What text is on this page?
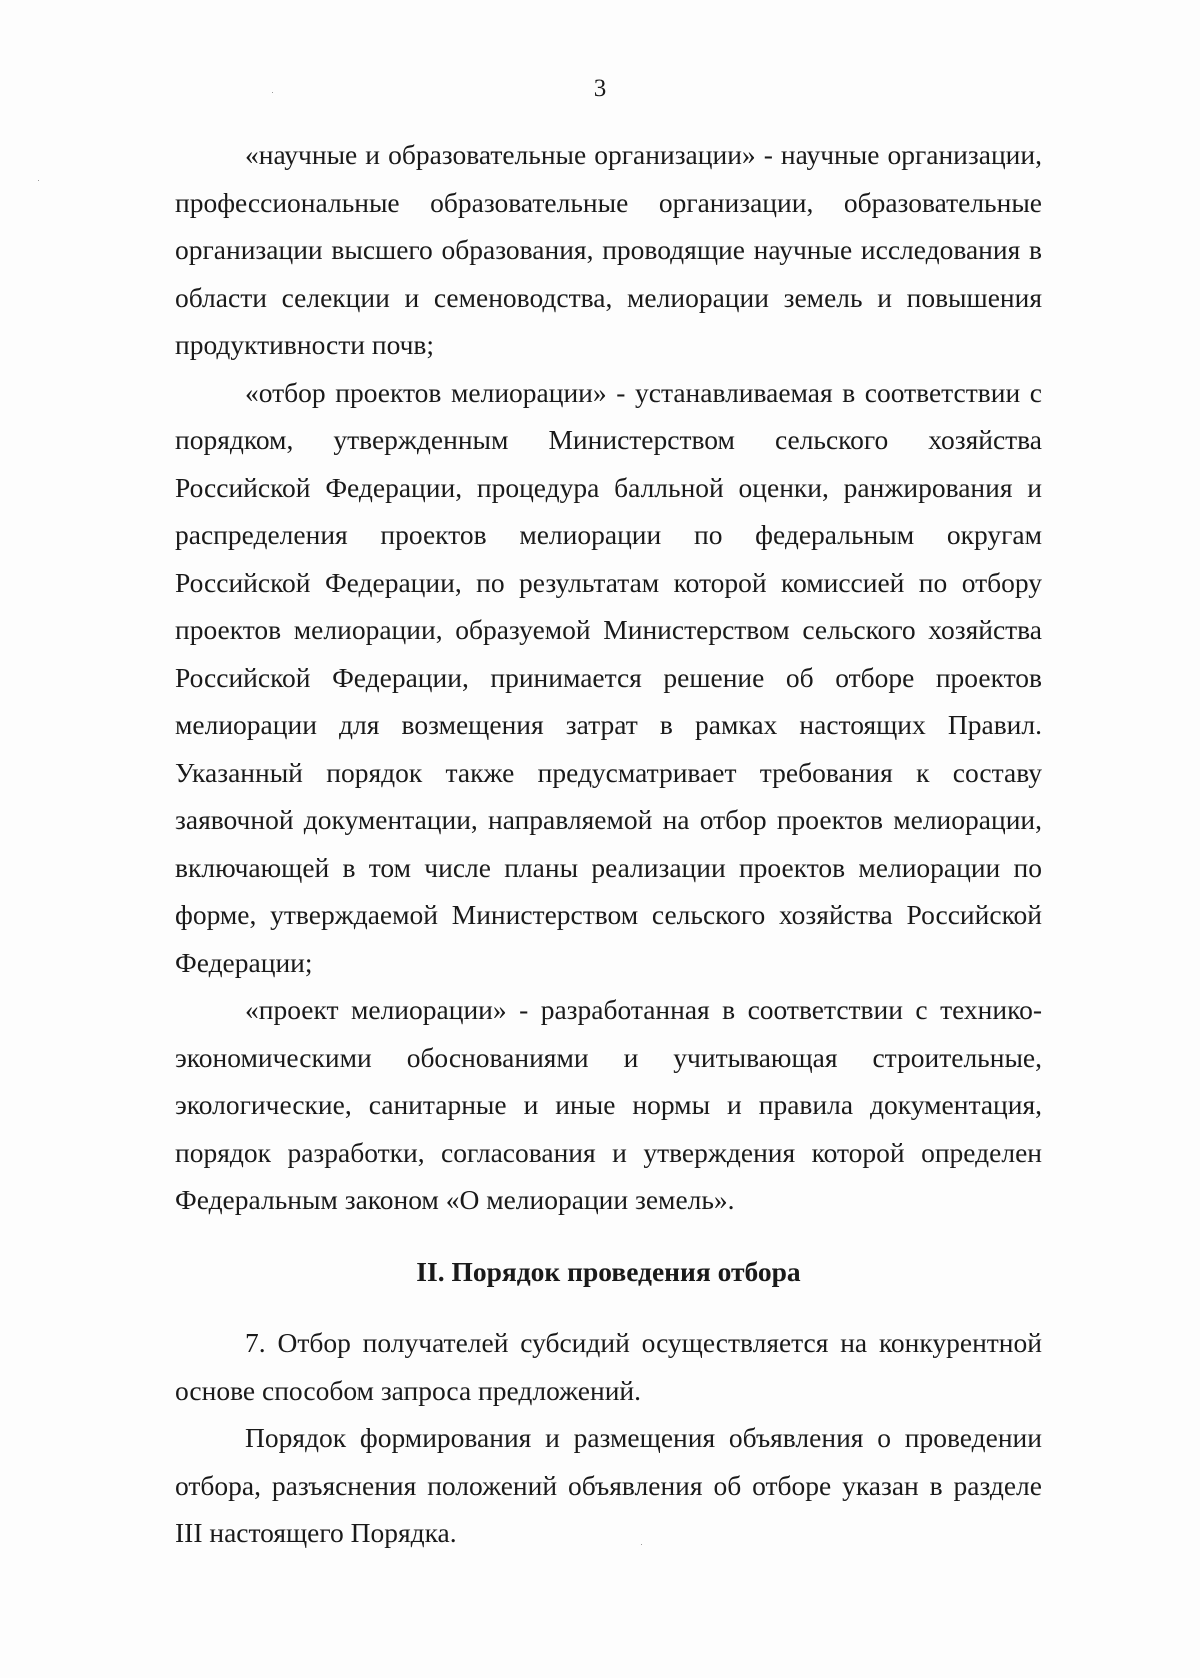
3

«научные и образовательные организации» - научные организации, профессиональные образовательные организации, образовательные организации высшего образования, проводящие научные исследования в области селекции и семеноводства, мелиорации земель и повышения продуктивности почв;

«отбор проектов мелиорации» - устанавливаемая в соответствии с порядком, утвержденным Министерством сельского хозяйства Российской Федерации, процедура балльной оценки, ранжирования и распределения проектов мелиорации по федеральным округам Российской Федерации, по результатам которой комиссией по отбору проектов мелиорации, образуемой Министерством сельского хозяйства Российской Федерации, принимается решение об отборе проектов мелиорации для возмещения затрат в рамках настоящих Правил. Указанный порядок также предусматривает требования к составу заявочной документации, направляемой на отбор проектов мелиорации, включающей в том числе планы реализации проектов мелиорации по форме, утверждаемой Министерством сельского хозяйства Российской Федерации;

«проект мелиорации» - разработанная в соответствии с технико-экономическими обоснованиями и учитывающая строительные, экологические, санитарные и иные нормы и правила документация, порядок разработки, согласования и утверждения которой определен Федеральным законом «О мелиорации земель».

II. Порядок проведения отбора

7. Отбор получателей субсидий осуществляется на конкурентной основе способом запроса предложений.

Порядок формирования и размещения объявления о проведении отбора, разъяснения положений объявления об отборе указан в разделе III настоящего Порядка.
